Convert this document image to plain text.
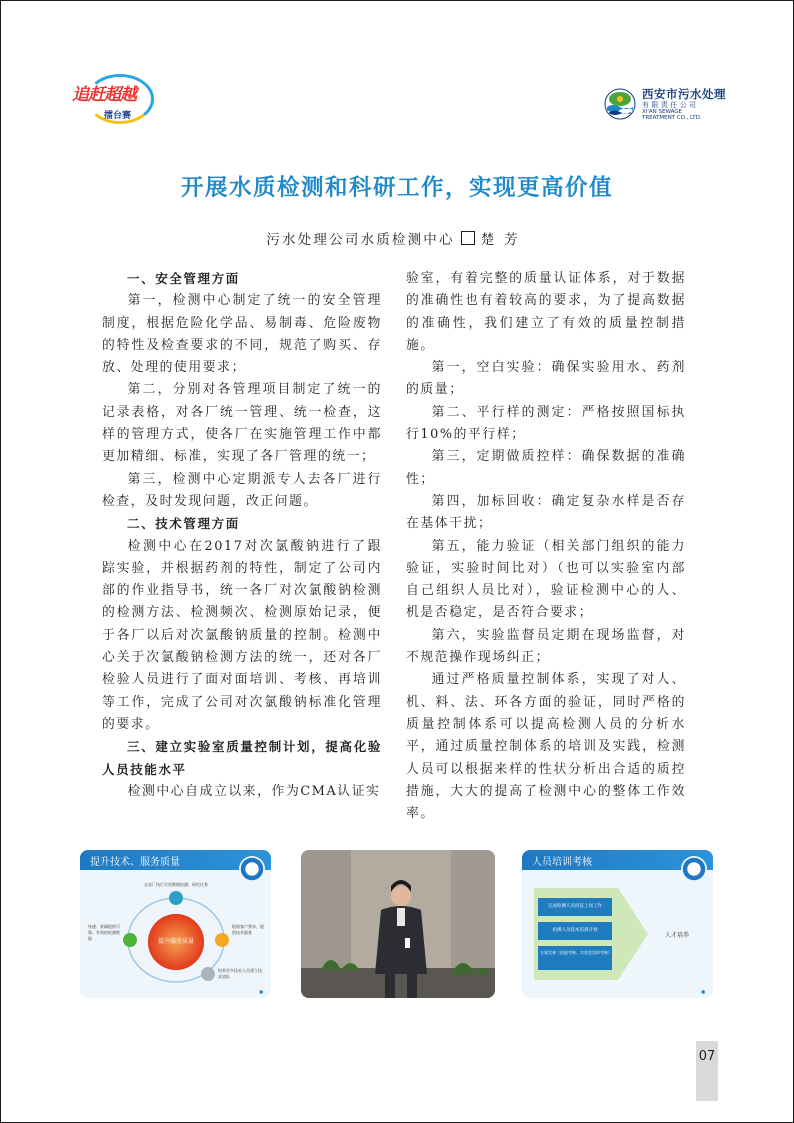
追赶超越
擂台赛
西安市污水处理
有限责任公司
XI'AN SEWAGE
TREATMENT CO., LTD.
开展水质检测和科研工作，实现更高价值
污水处理公司水质检测中心 楚芳

一、安全管理方面

第一，检测中心制定了统一的安全管理制度，根据危险化学品、易制毒、危险废物的特性及检查要求的不同，规范了购买、存放、处理的使用要求；

第二，分别对各管理项目制定了统一的记录表格，对各厂统一管理、统一检查，这样的管理方式，使各厂在实施管理工作中都更加精细、标准，实现了各厂管理的统一；

第三，检测中心定期派专人去各厂进行检查，及时发现问题，改正问题。

二、技术管理方面

检测中心在2017对次氯酸钠进行了跟踪实验，并根据药剂的特性，制定了公司内部的作业指导书，统一各厂对次氯酸钠检测的检测方法、检测频次、检测原始记录，便于各厂以后对次氯酸钠质量的控制。检测中心关于次氯酸钠检测方法的统一，还对各厂检验人员进行了面对面培训、考核、再培训等工作，完成了公司对次氯酸钠标准化管理的要求。

三、建立实验室质量控制计划，提高化验人员技能水平

检测中心自成立以来，作为CMA认证实

验室，有着完整的质量认证体系，对于数据的准确性也有着较高的要求，为了提高数据的准确性，我们建立了有效的质量控制措施。

第一，空白实验：确保实验用水、药剂的质量；

第二、平行样的测定：严格按照国标执行10%的平行样；

第三，定期做质控样：确保数据的准确性；

第四，加标回收：确定复杂水样是否存在基体干扰；

第五，能力验证（相关部门组织的能力验证，实验时间比对）（也可以实验室内部自己组织人员比对），验证检测中心的人、机是否稳定，是否符合要求；

第六，实验监督员定期在现场监督，对不规范操作现场纠正；

通过严格质量控制体系，实现了对人、机、料、法、环各方面的验证，同时严格的质量控制体系可以提高检测人员的分析水平，通过质量控制体系的培训及实践，检测人员可以根据来样的性状分析出合适的质控措施，大大的提高了检测中心的整体工作效率。

提升技术、服务质量
提升服务质量
去各厂执行实验数据检测、研究任务
快速、准确提供可靠、有效的检测数据
根据客户要求，提供技术服务
培养更多技术人员建立技术团队
■
人员培训考核
完成检测人员持证上岗工作
检测人员技术培训计划
方案完善（技能考核、实验室盲样考核）
人才培养
■
07
